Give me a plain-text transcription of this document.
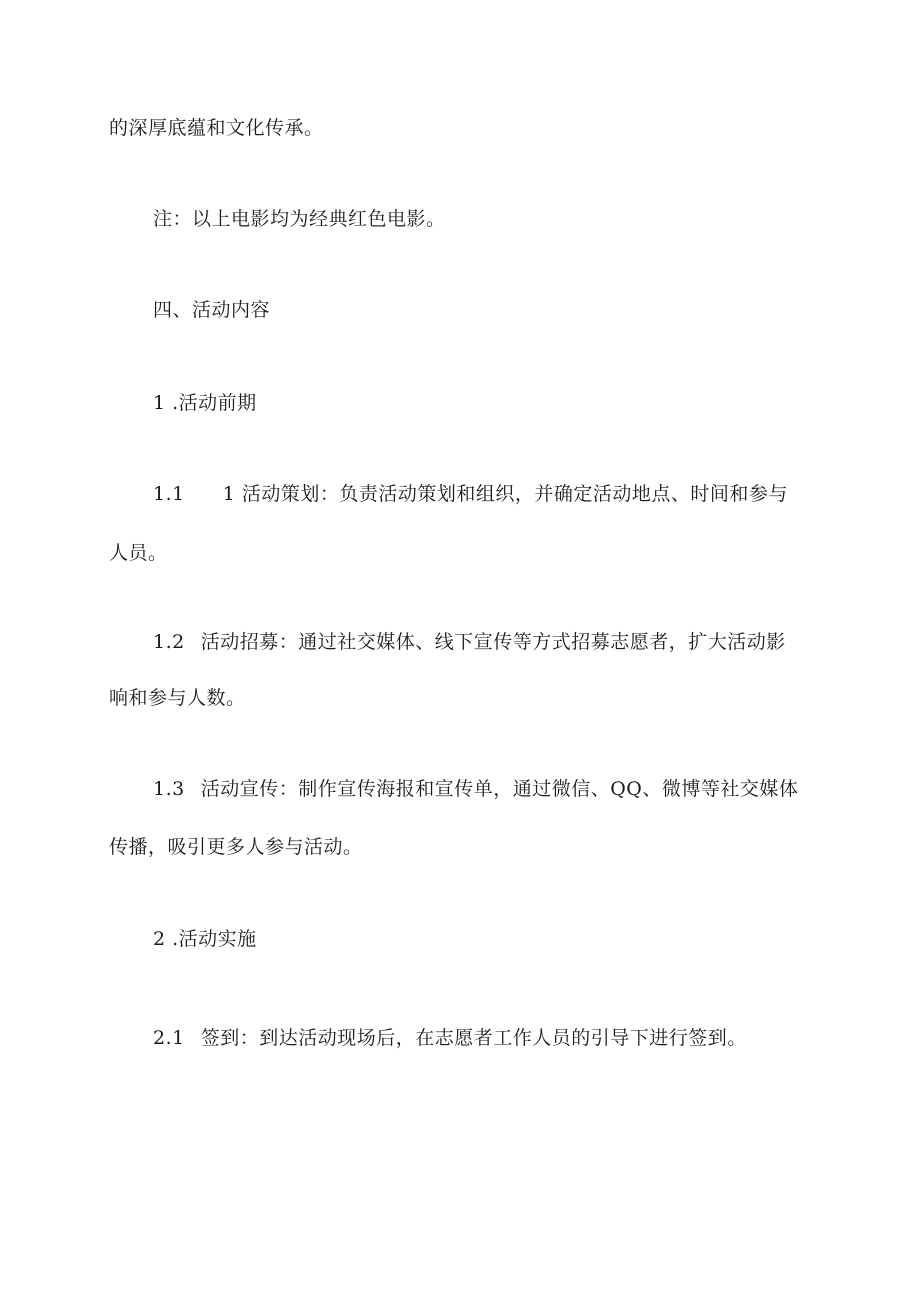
的深厚底蕴和文化传承。
注：以上电影均为经典红色电影。
四、活动内容
1 .活动前期
1.1 1 活动策划：负责活动策划和组织，并确定活动地点、时间和参与
人员。
1.2 活动招募：通过社交媒体、线下宣传等方式招募志愿者，扩大活动影
响和参与人数。
1.3 活动宣传：制作宣传海报和宣传单，通过微信、QQ、微博等社交媒体
传播，吸引更多人参与活动。
2 .活动实施
2.1 签到：到达活动现场后，在志愿者工作人员的引导下进行签到。
